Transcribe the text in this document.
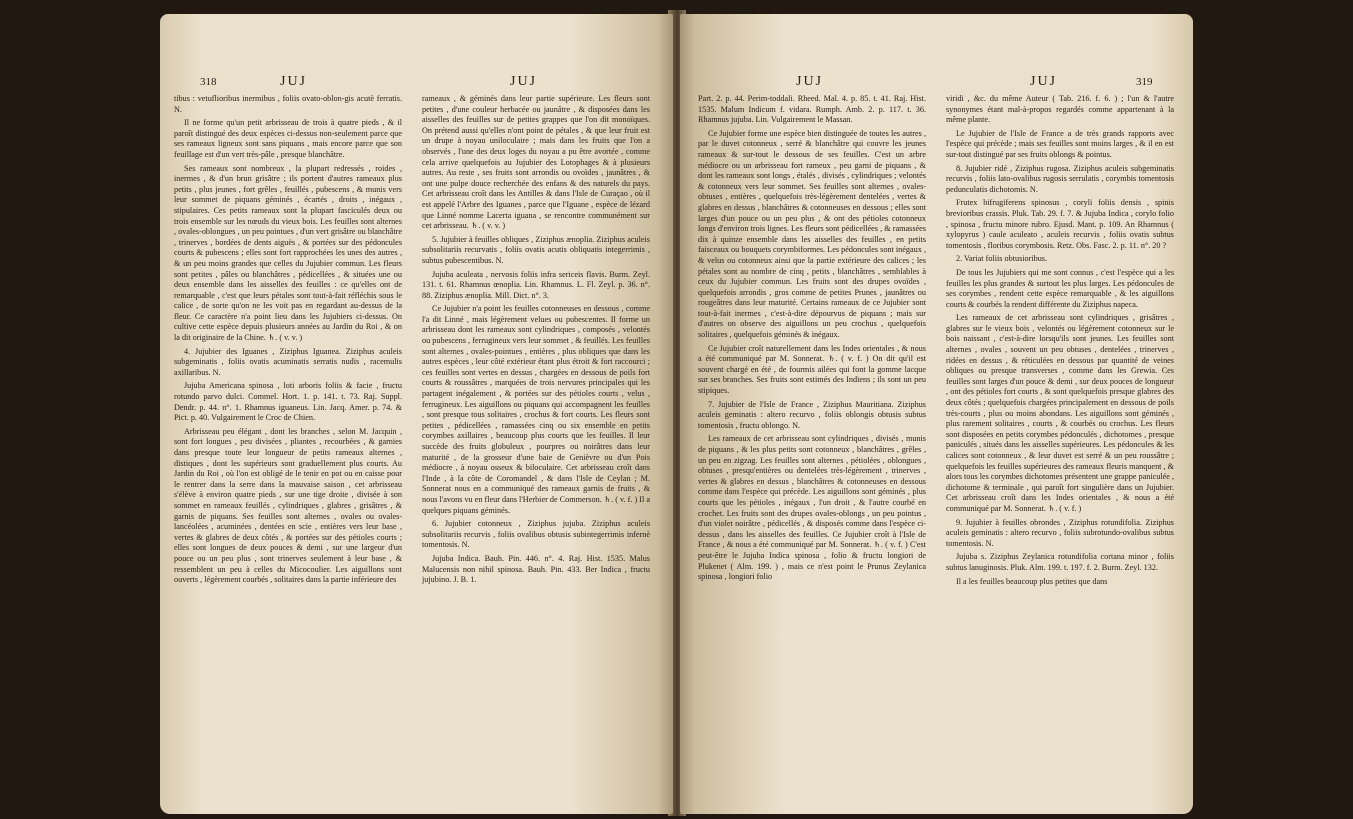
318	JUJ	JUJ

tibus : vetuflioribus inermibus , foliis ovato-oblon-gis acutè ferratis. N.

Il ne forme qu'un petit arbrisseau de trois à quatre pieds , & il paroît distingué des deux espèces ci-dessus non-seulement parce que ses rameaux ligneux sont sans piquans , mais encore parce que son feuillage est d'un vert très-pâle , presque blanchâtre.

Ses rameaux sont nombreux , la plupart redressés , roides , inermes , & d'un brun grisâtre ; ils portent d'autres rameaux plus petits , plus jeunes , fort grêles , feuillés , pubescens , & munis vers leur sommet de piquans géminés , écartés , droits , inégaux , stipulaires. Ces petits rameaux sont la plupart fasciculés deux ou trois ensemble sur les nœuds du vieux bois. Les feuilles sont alternes , ovales-oblongues , un peu pointues , d'un vert grisâtre ou blanchâtre , trinerves , bordées de dents aiguës , & portées sur des pédoncules courts & pubescens ; elles sont fort rapprochées les unes des autres , & un peu moins grandes que celles du Jujubier commun. Les fleurs sont petites , pâles ou blanchâtres , pédicellées , & situées une ou deux ensemble dans les aisselles des feuilles : ce qu'elles ont de remarquable , c'est que leurs pétales sont tout-à-fait réfléchis sous le calice , de sorte qu'on ne les voit pas en regardant au-dessus de la fleur. Ce caractère n'a point lieu dans les Jujubiers ci-dessus. On cultive cette espèce depuis plusieurs années au Jardin du Roi , & on la dit originaire de la Chine. ♄. ( v. v. )

4. Jujubier des Iguanes , Ziziphus Iguanea. Ziziphus aculeis subgeminatis , foliis ovatis acuminatis serratis nudis , racemulis axillaribus. N.

Jujuba Americana spinosa , loti arboris foliis & facie , fructu rotundo parvo dulci. Commel. Hort. 1. p. 141. t. 73. Raj. Suppl. Dendr. p. 44. n°. 1. Rhamnus iguaneus. Lin. Jacq. Amer. p. 74. & Pict. p. 40. Vulgairement le Croc de Chien.

Arbrisseau peu élégant , dont les branches , selon M. Jacquin , sont fort longues , peu divisées , pliantes , recourbées , & garnies dans presque toute leur longueur de petits rameaux alternes , distiques , dont les supérieurs sont graduellement plus courts. Au Jardin du Roi , où l'on est obligé de le tenir en pot ou en caisse pour le rentrer dans la serre dans la mauvaise saison , cet arbrisseau s'élève à environ quatre pieds , sur une tige droite , divisée à son sommet en rameaux feuillés , cylindriques , glabres , grisâtres , & garnis de piquans. Ses feuilles sont alternes , ovales ou ovales-lancéolées , acuminées , dentées en scie , entières vers leur base , vertes & glabres de deux côtés , & portées sur des pétioles courts ; elles sont longues de deux pouces & demi , sur une largeur d'un pouce ou un peu plus , sont trinerves seulement à leur base , & ressemblent un peu à celles du Micocoulier. Les aiguillons sont ouverts , légèrement courbés , solitaires dans la partie inférieure des

rameaux , & géminés dans leur partie supérieure. Les fleurs sont petites , d'une couleur herbacée ou jaunâtre , & disposées dans les aisselles des feuilles sur de petites grappes que l'on dit monoïques. On prétend aussi qu'elles n'ont point de pétales , & que leur fruit est un drupe à noyau uniloculaire ; mais dans les fruits que l'on a observés , l'une des deux loges du noyau a pu être avortée , comme cela arrive quelquefois au Jujubier des Lotophages & à plusieurs autres. Au reste , ses fruits sont arrondis ou ovoïdes , jaunâtres , & ont une pulpe douce recherchée des enfans & des naturels du pays. Cet arbrisseau croît dans les Antilles & dans l'Isle de Curaçao , où il est appelé l'Arbre des Iguanes , parce que l'Iguane , espèce de lézard que Linné nomme Lacerta iguana , se rencontre communément sur cet arbrisseau. ♄. ( v. v. )

5. Jujubier à feuilles obliques , Ziziphus ænoplia. Ziziphus aculeis subsolitariis recurvatis , foliis ovatis acutis obliquatis integerrimis , subtus pubescentibus. N.

Jujuba aculeata , nervosis foliis infra sericeis flavis. Burm. Zeyl. 131. t. 61. Rhamnus œnoplia. Lin. Rhamnus. L. Fl. Zeyl. p. 36. n°. 88. Ziziphus ænoplia. Mill. Dict. n°. 3.

Ce Jujubier n'a point les feuilles cotonneuses en dessous , comme l'a dit Linné , mais légèrement velues ou pubescentes. Il forme un arbrisseau dont les rameaux sont cylindriques , composés , velontés ou pubescens , ferrugineux vers leur sommet , & feuillés. Les feuilles sont alternes , ovales-pointues , entières , plus obliques que dans les autres espèces , leur côté extérieur étant plus étroit & fort raccourci ; ces feuilles sont vertes en dessus , chargées en dessous de poils fort courts & roussâtres , marquées de trois nervures principales qui les partagent inégalement , & portées sur des pétioles courts , velus , ferrugineux. Les aiguillons ou piquans qui accompagnent les feuilles , sont presque tous solitaires , crochus & fort courts. Les fleurs sont petites , pédicellées , ramassées cinq ou six ensemble en petits corymbes axillaires , beaucoup plus courts que les feuilles. Il leur succède des fruits globuleux , pourpres ou noirâtres dans leur maturité , de la grosseur d'une baie de Genièvre ou d'un Pois médiocre , à noyau osseux & biloculaire. Cet arbrisseau croît dans l'Inde , à la côte de Coromandel , & dans l'Isle de Ceylan ; M. Sonnerat nous en a communiqué des rameaux garnis de fruits , & nous l'avons vu en fleur dans l'Herbier de Commerson. ♄. ( v. f. ) Il a quelques piquans géminés.

6. Jujubier cotonneux , Ziziphus jujuba. Ziziphus aculeis subsolitariis recurvis , foliis ovalibus obtusis subintegerrimis infernè tomentosis. N.

Jujuba Indica. Bauh. Pin. 446. n°. 4. Raj. Hist. 1535. Malus Malucensis non nihil spinosa. Bauh. Pin. 433. Ber Indica , fructu jujubino. J. B. 1.

JUJ	JUJ	319

Part. 2. p. 44. Perim-toddali. Rheed. Mal. 4. p. 85. t. 41. Raj. Hist. 1535. Malum Indicum f. vidara. Rumph. Amb. 2. p. 117. t. 36. Rhamnus jujuba. Lin. Vulgairement le Massan.

Ce Jujubier forme une espèce bien distinguée de toutes les autres , par le duvet cotonneux , serré & blanchâtre qui couvre les jeunes rameaux & sur-tout le dessous de ses feuilles. C'est un arbre médiocre ou un arbrisseau fort rameux , peu garni de piquans , & dont les rameaux sont longs , étalés , divisés , cylindriques ; velontés & cotonneux vers leur sommet. Ses feuilles sont alternes , ovales-obtuses , entières , quelquefois très-légèrement dentelées , vertes & glabres en dessus , blanchâtres & cotonneuses en dessous ; elles sont larges d'un pouce ou un peu plus , & ont des pétioles cotonneux longs d'environ trois lignes. Les fleurs sont pédicellées , & ramassées dix à quinze ensemble dans les aisselles des feuilles , en petits faisceaux ou bouquets corymbiformes. Les pédoncules sont inégaux , & velus ou cotonneux ainsi que la partie extérieure des calices ; les pétales sont au nombre de cinq , petits , blanchâtres , semblables à ceux du Jujubier commun. Les fruits sont des drupes ovoïdes , quelquefois arrondis , gros comme de petites Prunes , jaunâtres ou rougeâtres dans leur maturité. Certains rameaux de ce Jujubier sont tout-à-fait inermes , c'est-à-dire dépourvus de piquans ; mais sur d'autres on observe des aiguillons un peu crochus , quelquefois solitaires , quelquefois géminés & inégaux.

Ce Jujubier croît naturellement dans les Indes orientales , & nous a été communiqué par M. Sonnerat. ♄. ( v. f. ) On dit qu'il est souvent chargé en été , de fourmis ailées qui font la gomme lacque sur ses branches. Ses fruits sont estimés des Indiens ; ils sont un peu stipiques.

7. Jujubier de l'Isle de France , Ziziphus Mauritiana. Ziziphus aculeis geminatis : altero recurvo , foliis oblongis obtusis subtus tomentosis , fructu oblongo. N.

Les rameaux de cet arbrisseau sont cylindriques , divisés , munis de piquans , & les plus petits sont cotonneux , blanchâtres , grêles , un peu en zigzag. Les feuilles sont alternes , pétiolées , oblongues , obtuses , presqu'entières ou dentelées très-légèrement , trinerves , vertes & glabres en dessus , blanchâtres & cotonneuses en dessous comme dans l'espèce qui précède. Les aiguillons sont géminés , plus courts que les pétioles , inégaux , l'un droit , & l'autre courbé en crochet. Les fruits sont des drupes ovales-oblongs , un peu pointus , d'un violet noirâtre , pédicellés , & disposés comme dans l'espèce ci-dessus , dans les aisselles des feuilles. Ce Jujubier croît à l'Isle de France , & nous a été communiqué par M. Sonnerat. ♄. ( v. f. ) C'est peut-être le Jujuba Indica spinosa , folio & fructu longiori de Plukenet ( Alm. 199. ) , mais ce n'est point le Prunus Zeylanica spinosa , longiori folio

viridi , &c. du même Auteur ( Tab. 216. f. 6. ) ; l'un & l'autre synonymes étant mal-à-propos regardés comme appartenant à la même plante.

Le Jujubier de l'Isle de France a de très grands rapports avec l'espèce qui précède ; mais ses feuilles sont moins larges , & il en est sur-tout distingué par ses fruits oblongs & pointus.

8. Jujubier ridé , Ziziphus rugosa. Ziziphus aculeis subgeminatis recurvis , foliis lato-ovalibus rugosis serrulatis , corymbis tomentosis pedunculatis dichotomis. N.

Frutex bifrugiferens spinosus , coryli foliis densis , spinis brevioribus crassis. Pluk. Tab. 29. f. 7. & Jujuba Indica , corylo folio , spinosa , fructu minore rubro. Ejusd. Mant. p. 109. An Rhamnus ( xylopyrus ) caule aculeato , aculeis recurvis , foliis ovatis subtus tomentosis , floribus corymbosis. Retz. Obs. Fasc. 2. p. 11. n°. 20 ?

2. Variat foliis obtusioribus.

De tous les Jujubiers qui me sont connus , c'est l'espèce qui a les feuilles les plus grandes & surtout les plus larges. Les pédoncules de ses corymbes , rendent cette espèce remarquable , & les aiguillons courts & courbés la rendent différente du Ziziphus napeca.

Les rameaux de cet arbrisseau sont cylindriques , grisâtres , glabres sur le vieux bois , velontés ou légèrement cotonneux sur le bois naissant , c'est-à-dire lorsqu'ils sont jeunes. Les feuilles sont alternes , ovales , souvent un peu obtuses , dentelées , trinerves , ridées en dessus , & réticulées en dessous par quantité de veines obliques ou presque transverses , comme dans les Grewia. Ces feuilles sont larges d'un pouce & demi , sur deux pouces de longueur , ont des pétioles fort courts , & sont quelquefois presque glabres des deux côtés ; quelquefois chargées principalement en dessous de poils très-courts , plus ou moins abondans. Les aiguillons sont géminés , plus rarement solitaires , courts , & courbés ou crochus. Les fleurs sont disposées en petits corymbes pédonculés , dichotomes , presque paniculés , situés dans les aisselles supérieures. Les pédoncules & les calices sont cotonneux , & leur duvet est serré & un peu roussâtre ; quelquefois les feuilles supérieures des rameaux fleuris manquent , & alors tous les corymbes dichotomes présentent une grappe paniculée , dichotome & terminale , qui paroît fort singulière dans un Jujubier. Cet arbrisseau croît dans les Indes orientales , & nous a été communiqué par M. Sonnerat. ♄. ( v. f. )

9. Jujubier à feuilles obrondes , Ziziphus rotundifolia. Ziziphus aculeis geminatis : altero recurvo , foliis subrotundo-ovalibus subtus tomentosis. N.

Jujuba s. Ziziphus Zeylanica rotundifolia cortana minor , foliis subtus lanuginosis. Pluk. Alm. 199. t. 197. f. 2. Burm. Zeyl. 132.

Il a les feuilles beaucoup plus petites que dans
